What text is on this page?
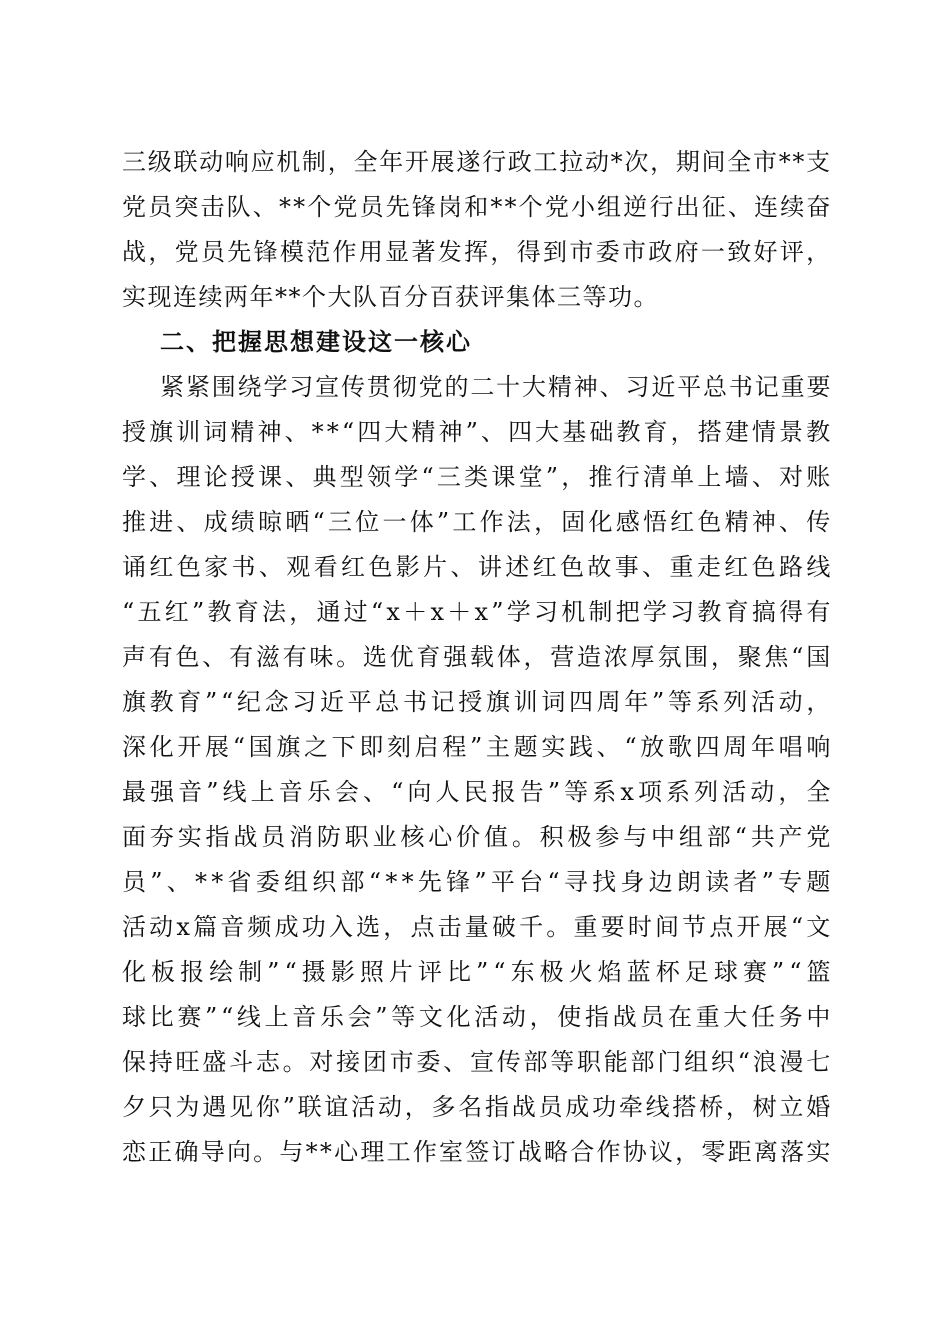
三 级 联 动 响 应 机 制 ， 全 年 开 展 遂 行 政 工 拉 动 * 次 ， 期 间 全 市 * * 支
党 员 突 击 队 、 * * 个 党 员 先 锋 岗 和 * * 个 党 小 组 逆 行 出 征 、 连 续 奋
战 ， 党 员 先 锋 模 范 作 用 显 著 发 挥 ， 得 到 市 委 市 政 府 一 致 好 评 ，
实现连续两年**个大队百分百获评集体三等功。
二、把握思想建设这一核心
紧 紧 围 绕 学 习 宣 传 贯 彻 党 的 二 十 大 精 神 、 习 近 平 总 书 记 重 要
授 旗 训 词 精 神 、 * * “ 四 大 精 神 ” 、 四 大 基 础 教 育 ， 搭 建 情 景 教
学 、 理 论 授 课 、 典 型 领 学 “ 三 类 课 堂 ” ， 推 行 清 单 上 墙 、 对 账
推 进 、 成 绩 晾 晒 “ 三 位 一 体 ” 工 作 法 ， 固 化 感 悟 红 色 精 神 、 传
诵 红 色 家 书 、 观 看 红 色 影 片 、 讲 述 红 色 故 事 、 重 走 红 色 路 线
“ 五 红 ” 教 育 法 ， 通 过 “ x ＋ x ＋ x ” 学 习 机 制 把 学 习 教 育 搞 得 有
声 有 色 、 有 滋 有 味 。 选 优 育 强 载 体 ， 营 造 浓 厚 氛 围 ， 聚 焦 “ 国
旗 教 育 ” “ 纪 念 习 近 平 总 书 记 授 旗 训 词 四 周 年 ” 等 系 列 活 动 ，
深 化 开 展 “ 国 旗 之 下 即 刻 启 程 ” 主 题 实 践 、 “ 放 歌 四 周 年 唱 响
最 强 音 ” 线 上 音 乐 会 、 “ 向 人 民 报 告 ” 等 系 x 项 系 列 活 动 ， 全
面 夯 实 指 战 员 消 防 职 业 核 心 价 值 。 积 极 参 与 中 组 部 “ 共 产 党
员 ” 、 * * 省 委 组 织 部 “ * * 先 锋 ” 平 台 “ 寻 找 身 边 朗 读 者 ” 专 题
活 动 x 篇 音 频 成 功 入 选 ， 点 击 量 破 千 。 重 要 时 间 节 点 开 展 “ 文
化 板 报 绘 制 ” “ 摄 影 照 片 评 比 ” “ 东 极 火 焰 蓝 杯 足 球 赛 ” “ 篮
球 比 赛 ” “ 线 上 音 乐 会 ” 等 文 化 活 动 ， 使 指 战 员 在 重 大 任 务 中
保 持 旺 盛 斗 志 。 对 接 团 市 委 、 宣 传 部 等 职 能 部 门 组 织 “ 浪 漫 七
夕 只 为 遇 见 你 ” 联 谊 活 动 ， 多 名 指 战 员 成 功 牵 线 搭 桥 ， 树 立 婚
恋 正 确 导 向 。 与 * * 心 理 工 作 室 签 订 战 略 合 作 协 议 ， 零 距 离 落 实
